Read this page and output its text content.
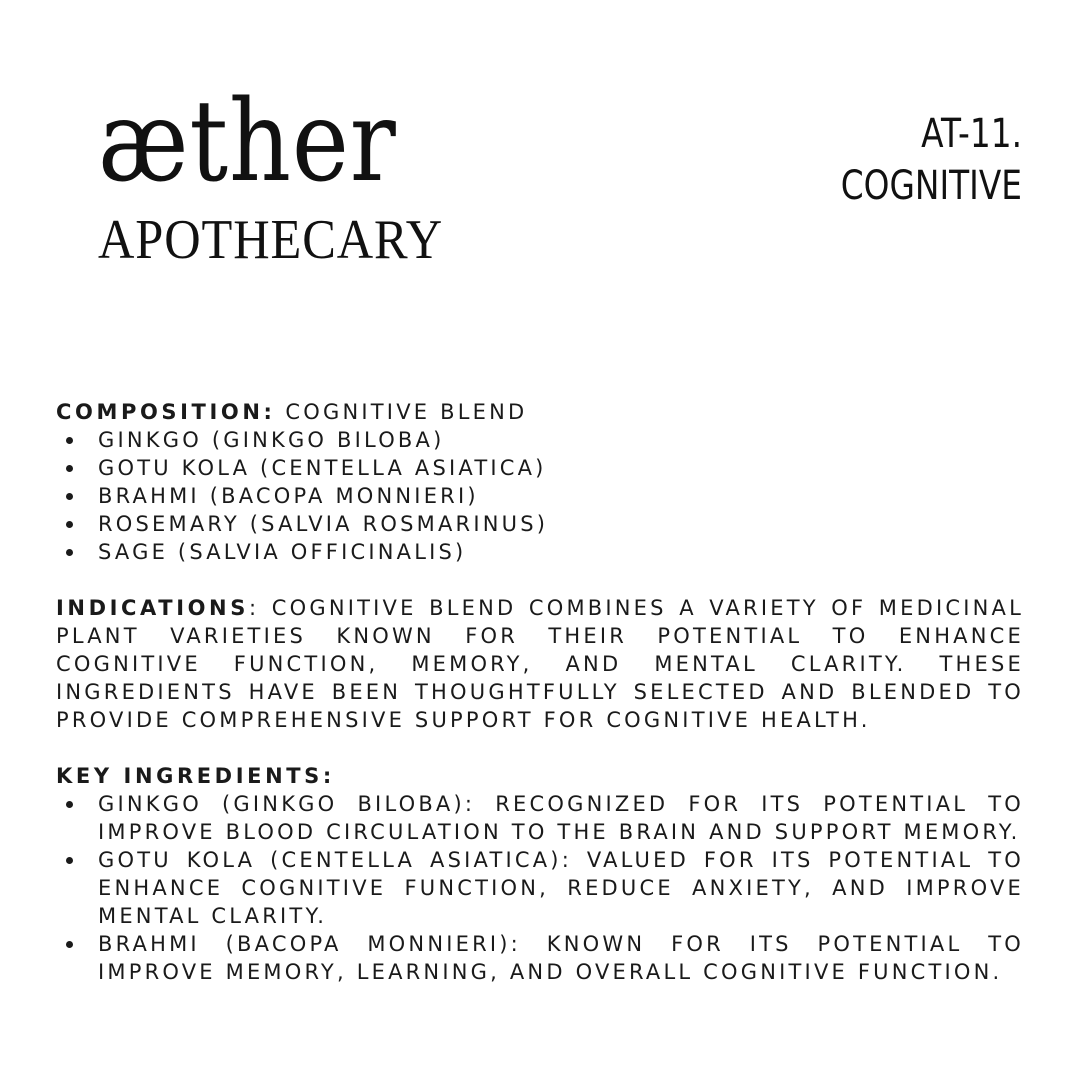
æther
APOTHECARY
AT-11.
COGNITIVE
COMPOSITION: COGNITIVE BLEND
GINKGO (GINKGO BILOBA)
GOTU KOLA (CENTELLA ASIATICA)
BRAHMI (BACOPA MONNIERI)
ROSEMARY (SALVIA ROSMARINUS)
SAGE (SALVIA OFFICINALIS)
INDICATIONS: COGNITIVE BLEND COMBINES A VARIETY OF MEDICINAL PLANT VARIETIES KNOWN FOR THEIR POTENTIAL TO ENHANCE COGNITIVE FUNCTION, MEMORY, AND MENTAL CLARITY. THESE INGREDIENTS HAVE BEEN THOUGHTFULLY SELECTED AND BLENDED TO PROVIDE COMPREHENSIVE SUPPORT FOR COGNITIVE HEALTH.
KEY INGREDIENTS:
GINKGO (GINKGO BILOBA): RECOGNIZED FOR ITS POTENTIAL TO IMPROVE BLOOD CIRCULATION TO THE BRAIN AND SUPPORT MEMORY.
GOTU KOLA (CENTELLA ASIATICA): VALUED FOR ITS POTENTIAL TO ENHANCE COGNITIVE FUNCTION, REDUCE ANXIETY, AND IMPROVE MENTAL CLARITY.
BRAHMI (BACOPA MONNIERI): KNOWN FOR ITS POTENTIAL TO IMPROVE MEMORY, LEARNING, AND OVERALL COGNITIVE FUNCTION.
